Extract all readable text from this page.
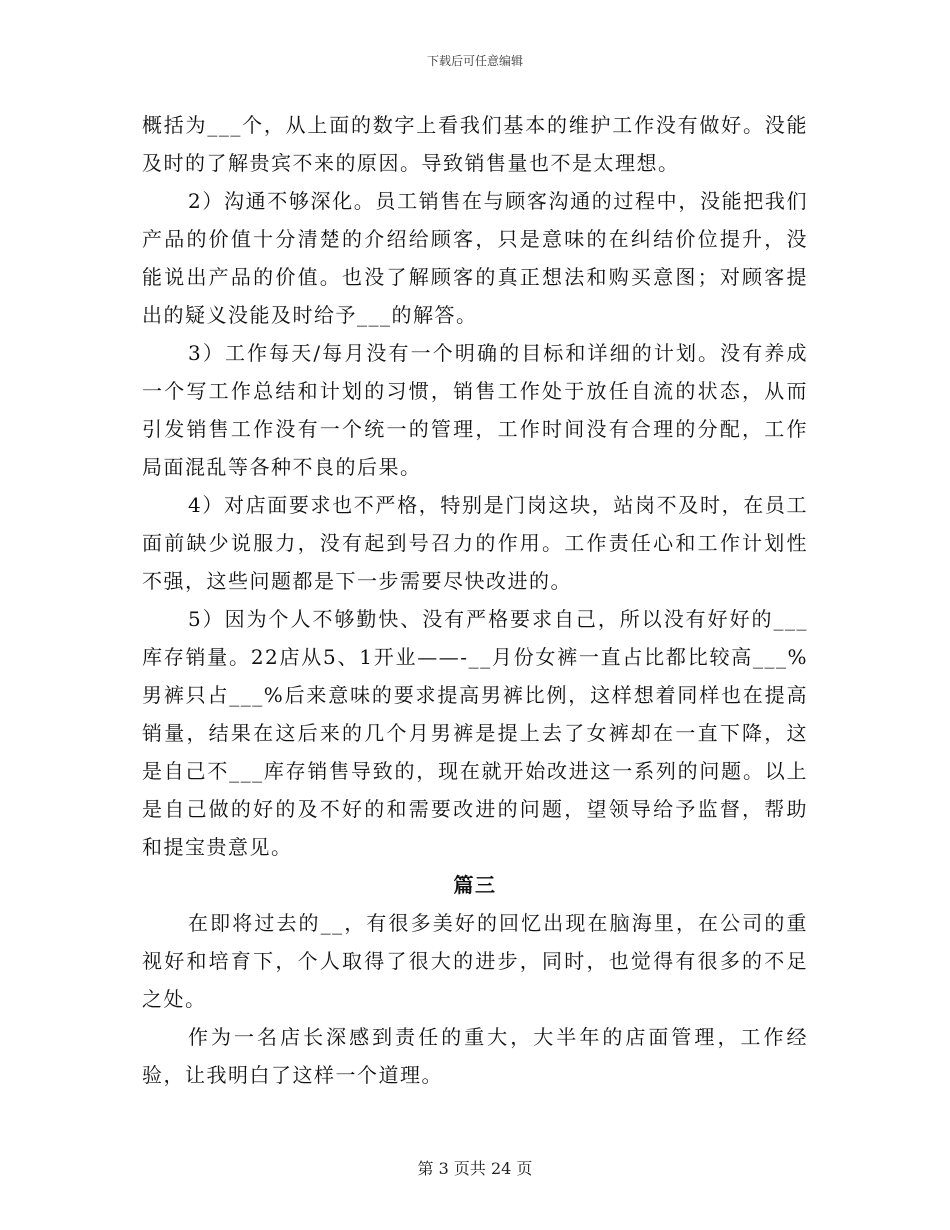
下载后可任意编辑

概括为___个，从上面的数字上看我们基本的维护工作没有做好。没能及时的了解贵宾不来的原因。导致销售量也不是太理想。

2）沟通不够深化。员工销售在与顾客沟通的过程中，没能把我们产品的价值十分清楚的介绍给顾客，只是意味的在纠结价位提升，没能说出产品的价值。也没了解顾客的真正想法和购买意图；对顾客提出的疑义没能及时给予___的解答。

3）工作每天/每月没有一个明确的目标和详细的计划。没有养成一个写工作总结和计划的习惯，销售工作处于放任自流的状态，从而引发销售工作没有一个统一的管理，工作时间没有合理的分配，工作局面混乱等各种不良的后果。

4）对店面要求也不严格，特别是门岗这块，站岗不及时，在员工面前缺少说服力，没有起到号召力的作用。工作责任心和工作计划性不强，这些问题都是下一步需要尽快改进的。

5）因为个人不够勤快、没有严格要求自己，所以没有好好的___库存销量。22店从5、1开业——-__月份女裤一直占比都比较高___%男裤只占___%后来意味的要求提高男裤比例，这样想着同样也在提高销量，结果在这后来的几个月男裤是提上去了女裤却在一直下降，这是自己不___库存销售导致的，现在就开始改进这一系列的问题。以上是自己做的好的及不好的和需要改进的问题，望领导给予监督，帮助和提宝贵意见。

篇三

在即将过去的__，有很多美好的回忆出现在脑海里，在公司的重视好和培育下，个人取得了很大的进步，同时，也觉得有很多的不足之处。

作为一名店长深感到责任的重大，大半年的店面管理，工作经验，让我明白了这样一个道理。

第 3 页共 24 页
